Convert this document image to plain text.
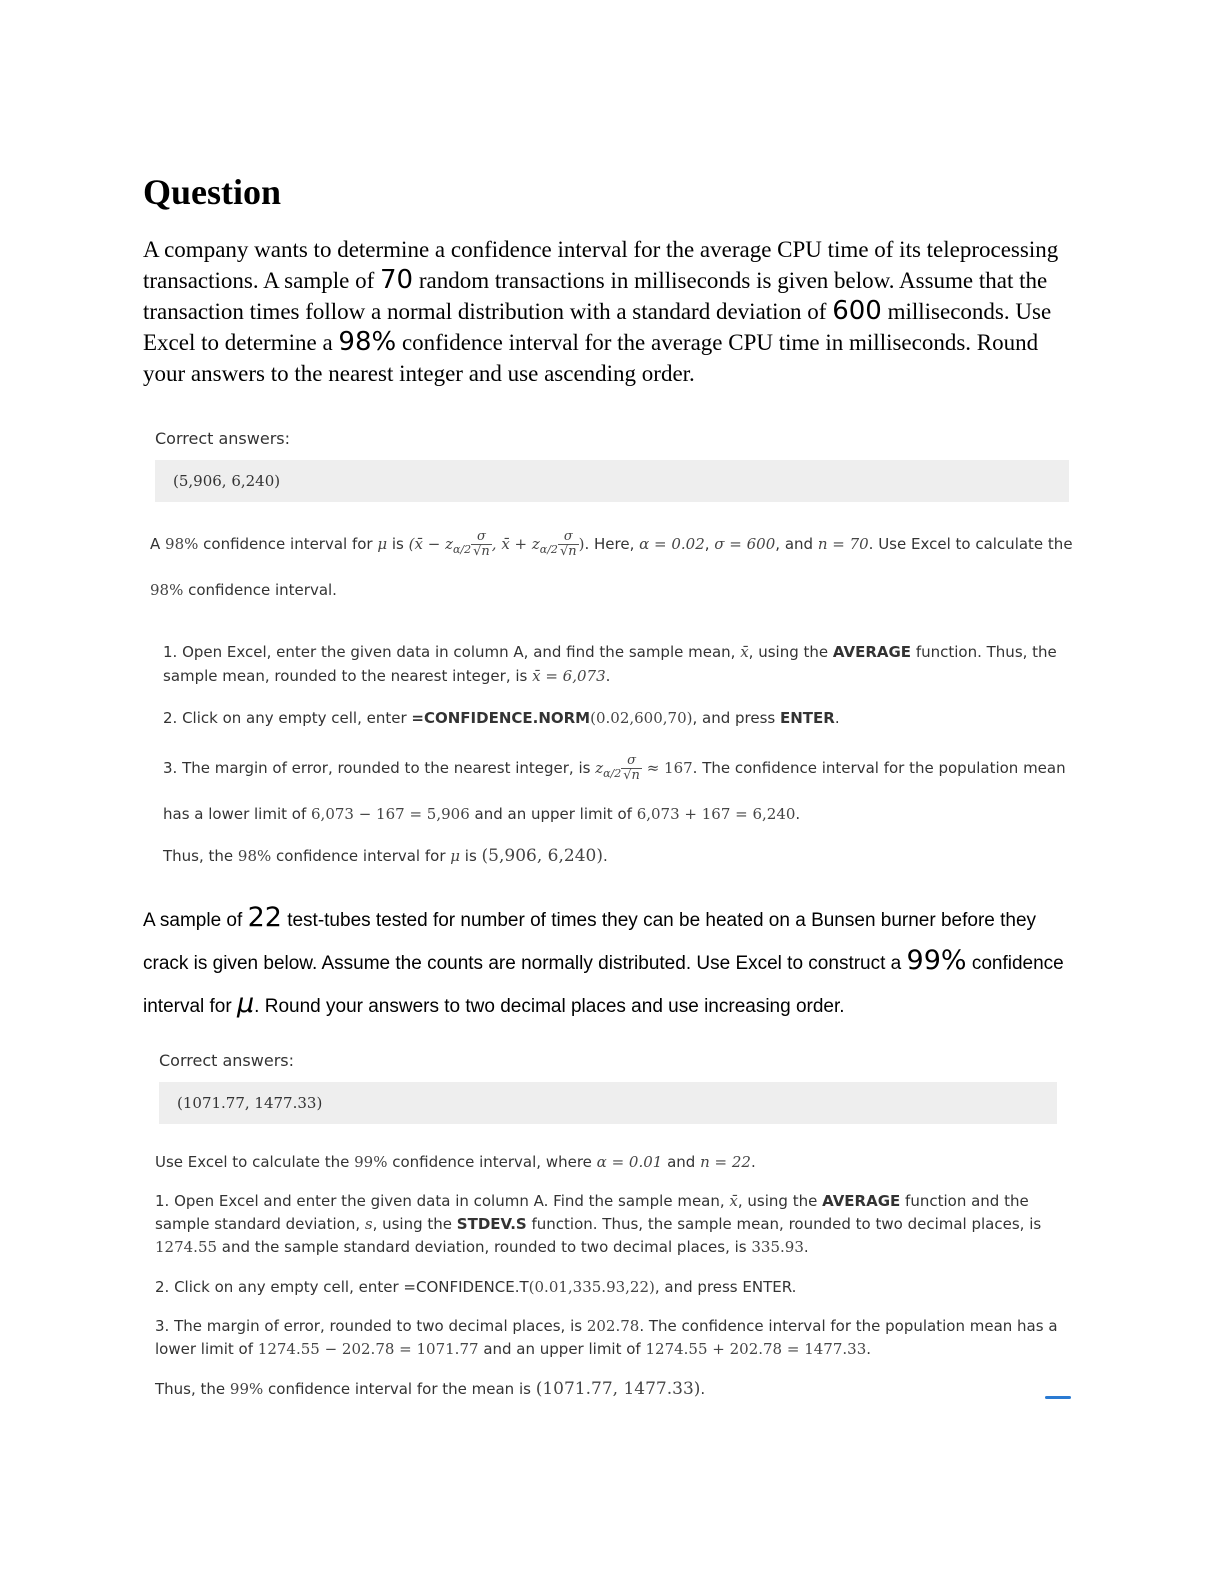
Question

A company wants to determine a confidence interval for the average CPU time of its teleprocessing transactions. A sample of 70 random transactions in milliseconds is given below. Assume that the transaction times follow a normal distribution with a standard deviation of 600 milliseconds. Use Excel to determine a 98% confidence interval for the average CPU time in milliseconds. Round your answers to the nearest integer and use ascending order.

Correct answers:

(5,906, 6,240)

A 98% confidence interval for μ is (x̄ − $z_{\alpha/2} \frac{\sigma}{√n}$ , x̄ + $z_{\alpha/2} \frac{\sigma}{√n}$ ). Here, α = 0.02, σ = 600, and n = 70. Use Excel to calculate the 98% confidence interval.

1. Open Excel, enter the given data in column A, and find the sample mean, x̄, using the AVERAGE function. Thus, the sample mean, rounded to the nearest integer, is x̄ = 6,073.

2. Click on any empty cell, enter =CONFIDENCE.NORM(0.02,600,70), and press ENTER.

3. The margin of error, rounded to the nearest integer, is $z_{\alpha/2} \frac{\sigma}{√n} \approx 167$. The confidence interval for the population mean has a lower limit of 6,073 − 167 = 5,906 and an upper limit of 6,073 + 167 = 6,240.

Thus, the 98% confidence interval for μ is (5,906, 6,240).

A sample of 22 test-tubes tested for number of times they can be heated on a Bunsen burner before they crack is given below. Assume the counts are normally distributed. Use Excel to construct a 99% confidence interval for μ. Round your answers to two decimal places and use increasing order.

Correct answers:

(1071.77, 1477.33)

Use Excel to calculate the 99% confidence interval, where α = 0.01 and n = 22.

1. Open Excel and enter the given data in column A. Find the sample mean, x̄, using the AVERAGE function and the sample standard deviation, s, using the STDEV.S function. Thus, the sample mean, rounded to two decimal places, is 1274.55 and the sample standard deviation, rounded to two decimal places, is 335.93.

2. Click on any empty cell, enter =CONFIDENCE.T(0.01,335.93,22), and press ENTER.

3. The margin of error, rounded to two decimal places, is 202.78. The confidence interval for the population mean has a lower limit of 1274.55 − 202.78 = 1071.77 and an upper limit of 1274.55 + 202.78 = 1477.33.

Thus, the 99% confidence interval for the mean is (1071.77, 1477.33).
